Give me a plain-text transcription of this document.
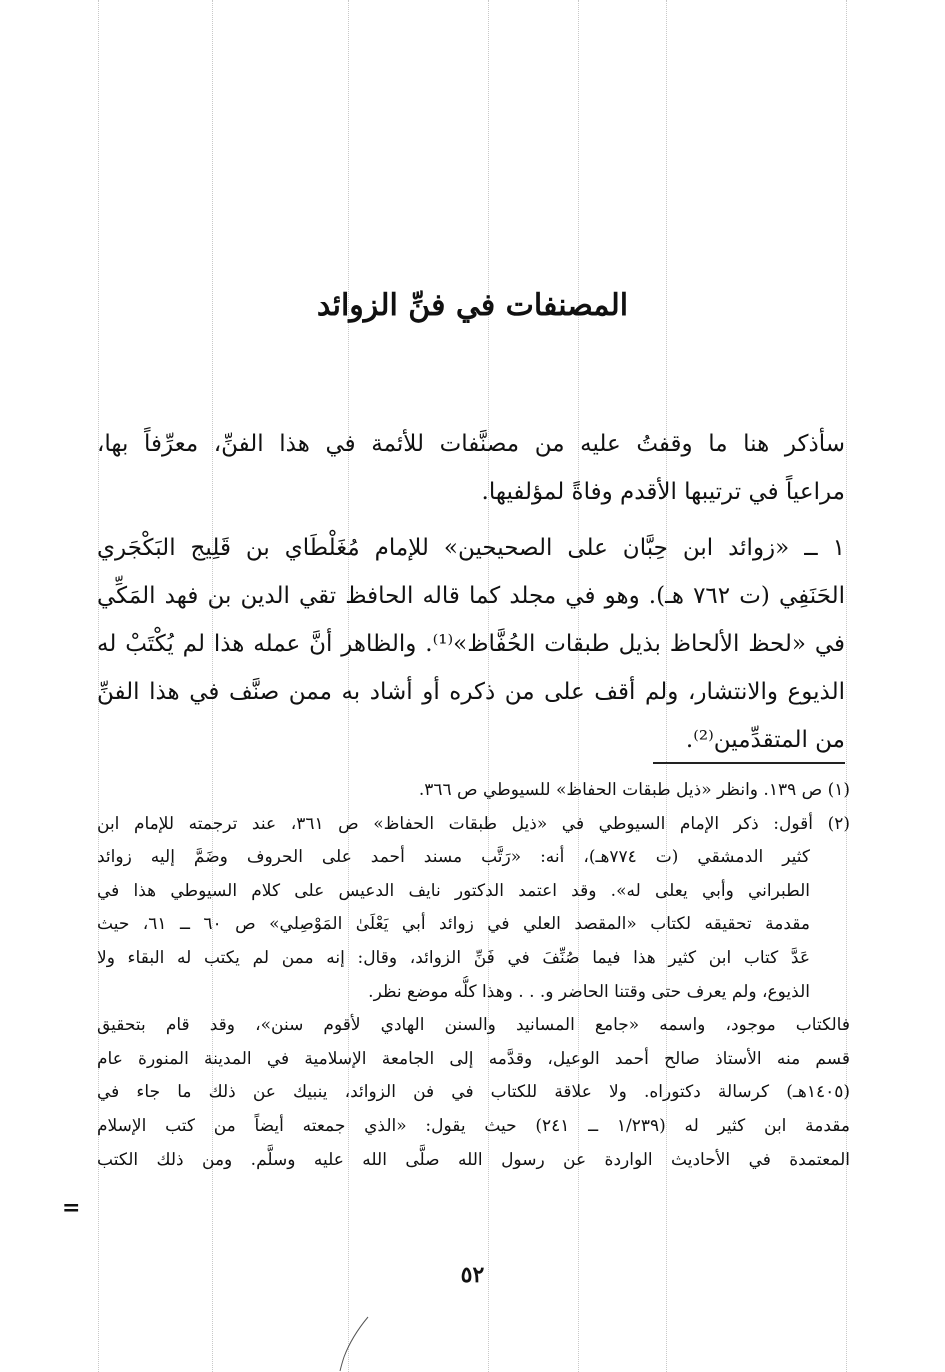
المصنفات في فنِّ الزوائد
سأذكر هنا ما وقفتُ عليه من مصنَّفات للأئمة في هذا الفنِّ، معرِّفاً بها،
مراعياً في ترتيبها الأقدم وفاةً لمؤلفيها.
١ ــ «زوائد ابن حِبَّان على الصحيحين» للإمام مُغَلْطَاي بن قَلِيج البَكْجَري
الحَنَفِي (ت ٧٦٢ هـ). وهو في مجلد كما قاله الحافظ تقي الدين بن فهد المَكِّي
في «لحظ الألحاظ بذيل طبقات الحُفَّاظ»⁽¹⁾. والظاهر أنَّ عمله هذا لم يُكْتَبْ له
الذيوع والانتشار، ولم أقف على من ذكره أو أشاد به ممن صنَّف في هذا الفنِّ
من المتقدِّمين⁽²⁾.
(١) ص ١٣٩. وانظر «ذيل طبقات الحفاظ» للسيوطي ص ٣٦٦.
(٢) أقول: ذكر الإمام السيوطي في «ذيل طبقات الحفاظ» ص ٣٦١، عند ترجمته للإمام ابن
كثير الدمشقي (ت ٧٧٤هـ)، أنه: «رَتَّب مسند أحمد على الحروف وضَمَّ إليه زوائد
الطبراني وأبي يعلى له». وقد اعتمد الدكتور نايف الدعيس على كلام السيوطي هذا في
مقدمة تحقيقه لكتاب «المقصد العلي في زوائد أبي يَعْلَىٰ المَوْصِلي» ص ٦٠ ــ ٦١، حيث
عَدَّ كتاب ابن كثير هذا فيما صُنِّفَ في فَنِّ الزوائد، وقال: إنه ممن لم يكتب له البقاء ولا
الذيوع، ولم يعرف حتى وقتنا الحاضر و. . . وهذا كلُّه موضع نظر.
فالكتاب موجود، واسمه «جامع المسانيد والسنن الهادي لأقوم سنن»، وقد قام بتحقيق
قسم منه الأستاذ صالح أحمد الوعيل، وقدَّمه إلى الجامعة الإسلامية في المدينة المنورة عام
(١٤٠٥هـ) كرسالة دكتوراه. ولا علاقة للكتاب في فن الزوائد، ينبيك عن ذلك ما جاء في
مقدمة ابن كثير له (١/٢٣٩ ــ ٢٤١) حيث يقول: «الذي جمعته أيضاً من كتب الإسلام
المعتمدة في الأحاديث الواردة عن رسول الله صلَّى الله عليه وسلَّم. ومن ذلك الكتب
=
٥٢
